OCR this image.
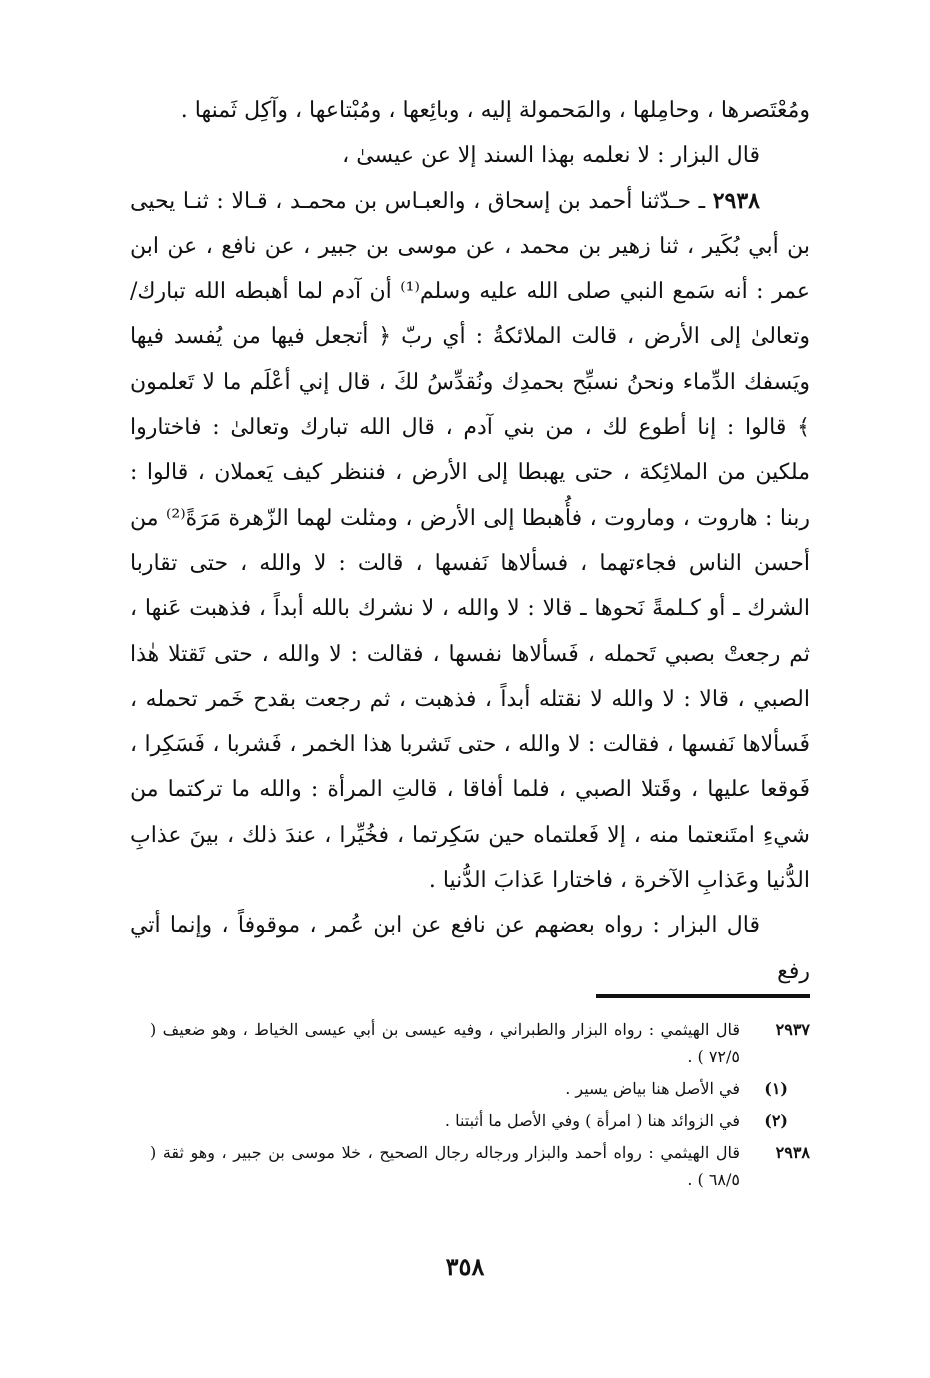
ومُعْتَصرها ، وحامِلها ، والمَحمولة إليه ، وبائِعها ، ومُبْتاعها ، وآكِل ثَمنها .

قال البزار : لا نعلمه بهذا السند إلا عن عيسىٰ ،

٢٩٣٨ ـ حـدّثنا أحمد بن إسحاق ، والعبـاس بن محمـد ، قـالا : ثنـا يحيى بن أبي بُكَير ، ثنا زهير بن محمد ، عن موسى بن جبير ، عن نافع ، عن ابن عمر : أنه سَمع النبي صلى الله عليه وسلم⁽¹⁾ أن آدم لما أهبطه الله تبارك/ وتعالىٰ إلى الأرض ، قالت الملائكةُ : أي ربّ ﴿ أتجعل فيها من يُفسد فيها ويَسفك الدِّماء ونحنُ نسبِّح بحمدِك ونُقدِّسُ لكَ ، قال إني أعْلَم ما لا تَعلمون ﴾ قالوا : إنا أطوع لك ، من بني آدم ، قال الله تبارك وتعالىٰ : فاختاروا ملكين من الملائِكة ، حتى يهبطا إلى الأرض ، فننظر كيف يَعملان ، قالوا : ربنا : هاروت ، وماروت ، فأُهبطا إلى الأرض ، ومثلت لهما الزّهرة مَرَةً⁽²⁾ من أحسن الناس فجاءتهما ، فسألاها نَفسها ، قالت : لا والله ، حتى تقاربا الشرك ـ أو كـلمةً نَحوها ـ قالا : لا والله ، لا نشرك بالله أبداً ، فذهبت عَنها ، ثم رجعتْ بصبي تَحمله ، فَسألاها نفسها ، فقالت : لا والله ، حتى تَقتلا هٰذا الصبي ، قالا : لا والله لا نقتله أبداً ، فذهبت ، ثم رجعت بقدح خَمر تحمله ، فَسألاها نَفسها ، فقالت : لا والله ، حتى تَشربا هذا الخمر ، فَشربا ، فَسَكِرا ، فَوقعا عليها ، وقَتلا الصبي ، فلما أفاقا ، قالتِ المرأة : والله ما تركتما من شيءِ امتَنعتما منه ، إلا فَعلتماه حين سَكِرتما ، فخُيِّرا ، عندَ ذلك ، بينَ عذابِ الدُّنيا وعَذابِ الآخرة ، فاختارا عَذابَ الدُّنيا .

قال البزار : رواه بعضهم عن نافع عن ابن عُمر ، موقوفاً ، وإنما أتي رفع

٢٩٣٧
قال الهيثمي : رواه البزار والطبراني ، وفيه عيسى بن أبي عيسى الخياط ، وهو ضعيف ( ٧٢/٥ ) .
(١)
في الأصل هنا بياض يسير .
(٢)
في الزوائد هنا ( امرأة ) وفي الأصل ما أثبتنا .
٢٩٣٨
قال الهيثمي : رواه أحمد والبزار ورجاله رجال الصحيح ، خلا موسى بن جبير ، وهو ثقة ( ٦٨/٥ ) .
٣٥٨
